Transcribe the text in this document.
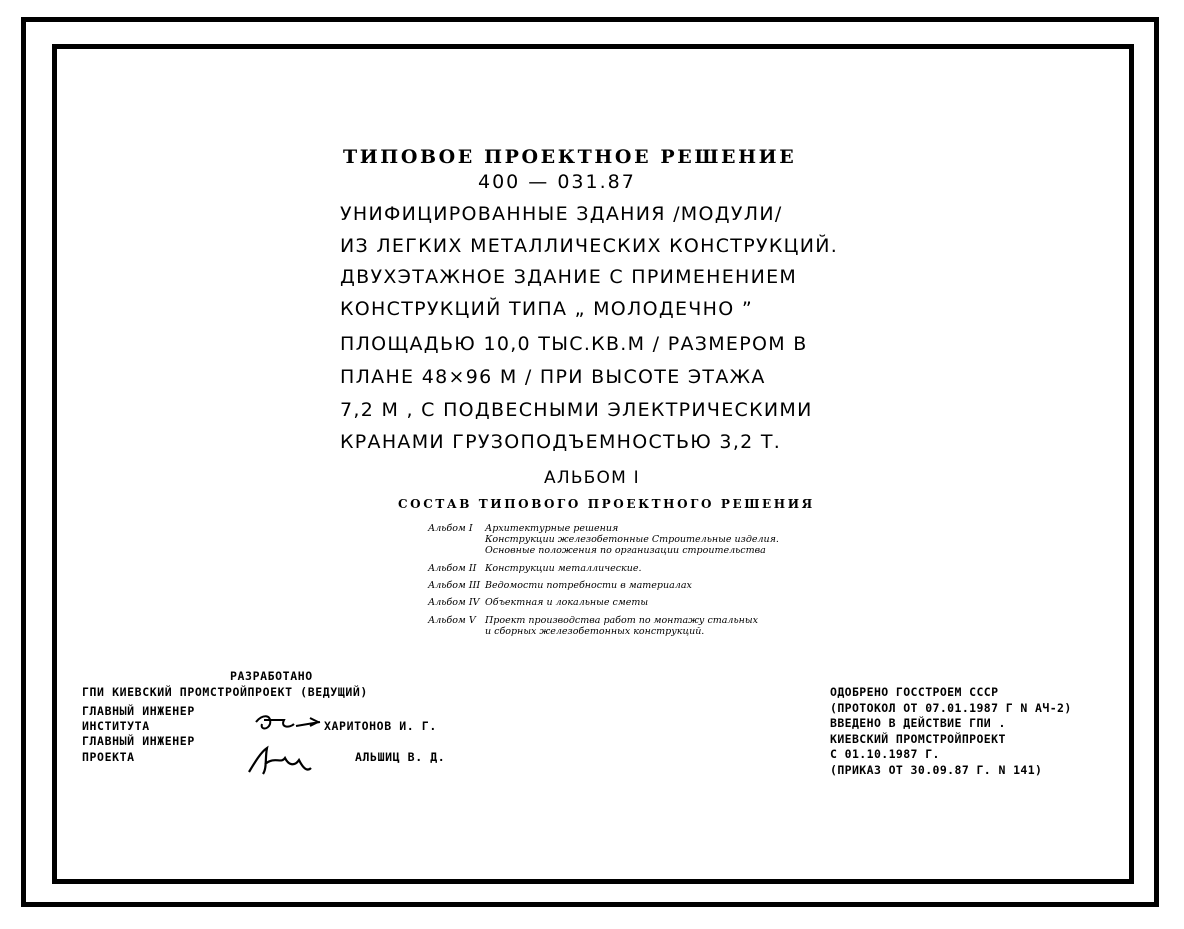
ТИПОВОЕ ПРОЕКТНОЕ РЕШЕНИЕ
400 — 031.87
УНИФИЦИРОВАННЫЕ ЗДАНИЯ /МОДУЛИ/
ИЗ ЛЕГКИХ МЕТАЛЛИЧЕСКИХ КОНСТРУКЦИЙ.
ДВУХЭТАЖНОЕ ЗДАНИЕ С ПРИМЕНЕНИЕМ
КОНСТРУКЦИЙ ТИПА „ МОЛОДЕЧНО ”
ПЛОЩАДЬЮ 10,0 ТЫС.КВ.М / РАЗМЕРОМ В
ПЛАНЕ 48×96 М / ПРИ ВЫСОТЕ ЭТАЖА
7,2 М , С ПОДВЕСНЫМИ ЭЛЕКТРИЧЕСКИМИ
КРАНАМИ ГРУЗОПОДЪЕМНОСТЬЮ 3,2 Т.
АЛЬБОМ I
СОСТАВ ТИПОВОГО ПРОЕКТНОГО РЕШЕНИЯ
Альбом I Архитектурные решения
Конструкции железобетонные Строительные изделия.
Основные положения по организации строительства
Альбом II Конструкции металлические.
Альбом III Ведомости потребности в материалах
Альбом IV Объектная и локальные сметы
Альбом V Проект производства работ по монтажу стальных
и сборных железобетонных конструкций.
РАЗРАБОТАНО
ГПИ КИЕВСКИЙ ПРОМСТРОЙПРОЕКТ (ВЕДУЩИЙ)
ГЛАВНЫЙ ИНЖЕНЕР
ИНСТИТУТА	ХАРИТОНОВ И. Г.
ГЛАВНЫЙ ИНЖЕНЕР
ПРОЕКТА	АЛЬШИЦ В. Д.
ОДОБРЕНО ГОССТРОЕМ СССР
(ПРОТОКОЛ ОТ 07.01.1987 Г N АЧ-2)
ВВЕДЕНО В ДЕЙСТВИЕ ГПИ .
КИЕВСКИЙ ПРОМСТРОЙПРОЕКТ
С 01.10.1987 Г.
(ПРИКАЗ ОТ 30.09.87 Г. N 141)
